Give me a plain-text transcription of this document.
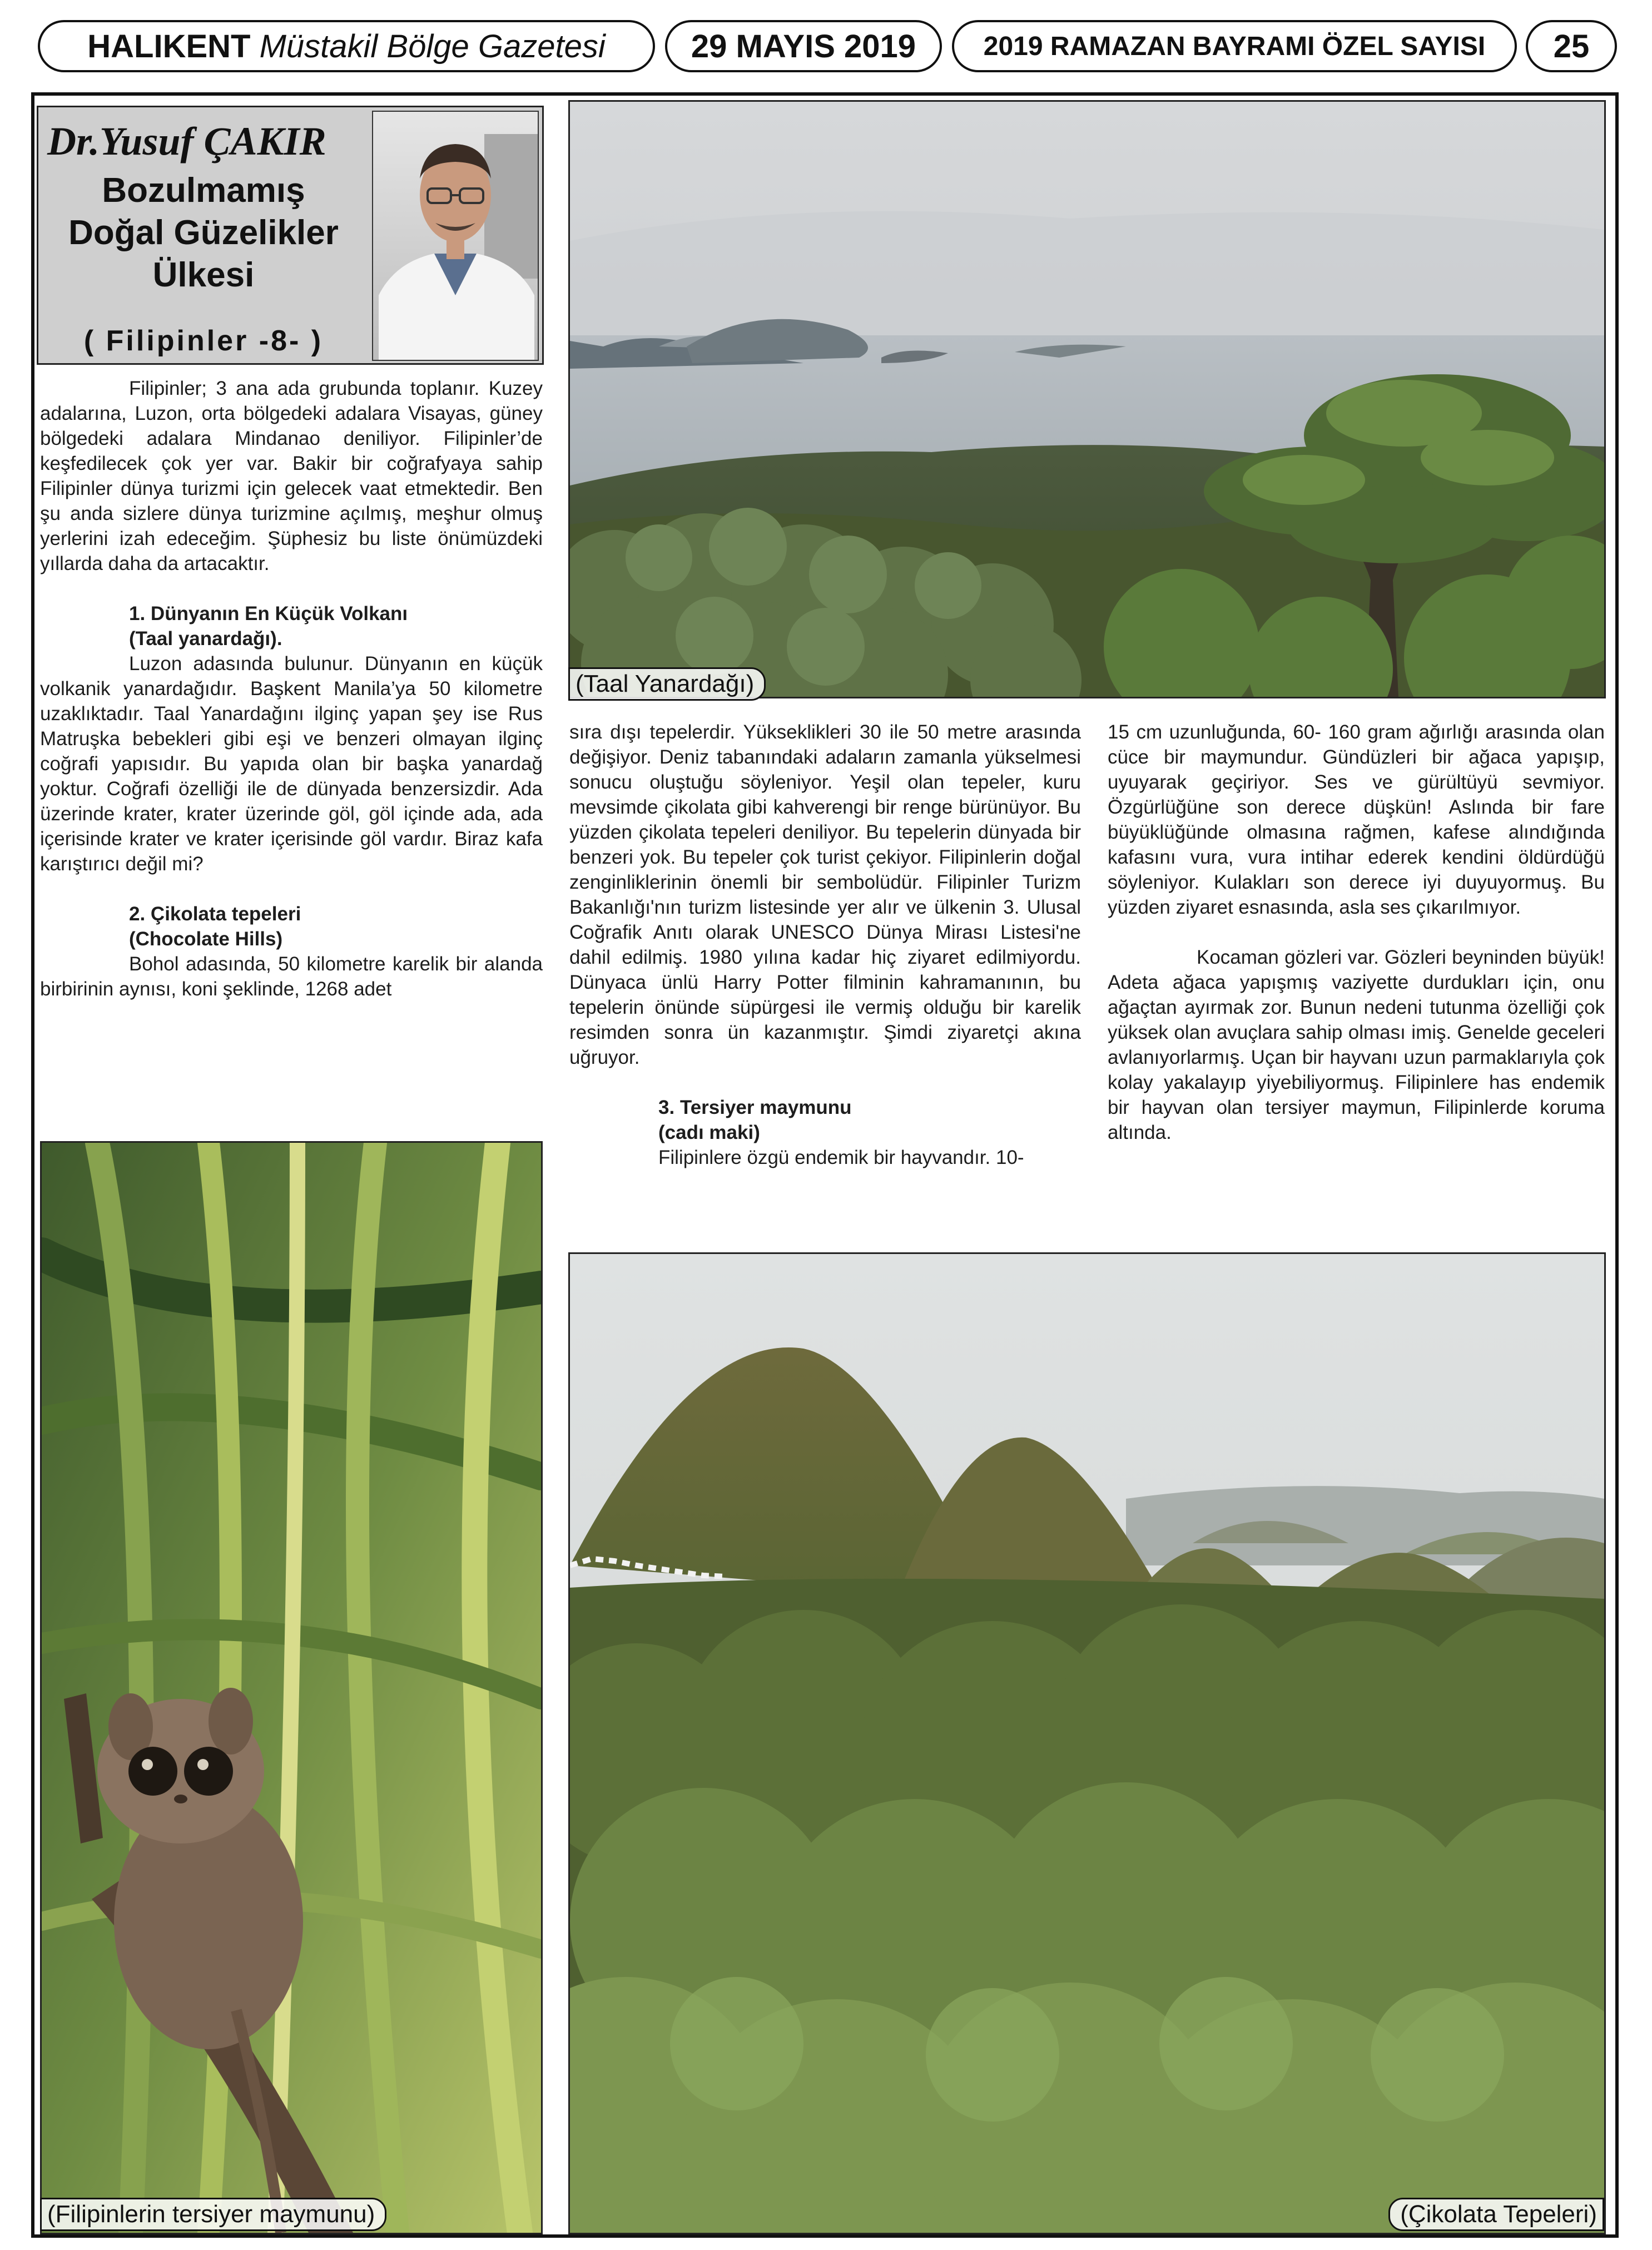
HALIKENT
Müstakil Bölge Gazetesi	29 MAYIS 2019	2019 RAMAZAN BAYRAMI ÖZEL SAYISI 25
Dr.Yusuf ÇAKIR
Bozulmamış
Doğal Güzelikler
Ülkesi
( Filipinler -8- )

Filipinler; 3 ana ada grubunda toplanır. Kuzey adalarına, Luzon, orta bölgedeki adalara Visayas, güney bölgedeki adalara Mindanao deniliyor. Filipinler’de keşfedilecek çok yer var. Bakir bir coğrafyaya sahip Filipinler dünya turizmi için gelecek vaat etmektedir. Ben şu anda sizlere dünya turizmine açılmış, meşhur olmuş yerlerini izah edeceğim. Şüphesiz bu liste önümüzdeki yıllarda daha da artacaktır.

1. Dünyanın En Küçük Volkanı

(Taal yanardağı).

Luzon adasında bulunur. Dünyanın en küçük volkanik yanardağıdır. Başkent Manila’ya 50 kilometre uzaklıktadır. Taal Yanardağını ilginç yapan şey ise Rus Matruşka bebekleri gibi eşi ve benzeri olmayan ilginç coğrafi yapısıdır. Bu yapıda olan bir başka yanardağ yoktur. Coğrafi özelliği ile de dünyada benzersizdir. Ada üzerinde krater, krater üzerinde göl, göl içinde ada, ada içerisinde krater ve krater içerisinde göl vardır. Biraz kafa karıştırıcı değil mi?

2. Çikolata tepeleri

(Chocolate Hills)

Bohol adasında, 50 kilometre karelik bir alanda birbirinin aynısı, koni şeklinde, 1268 adet

sıra dışı tepelerdir. Yükseklikleri 30 ile 50 metre arasında değişiyor. Deniz tabanındaki adaların zamanla yükselmesi sonucu oluştuğu söyleniyor. Yeşil olan tepeler, kuru mevsimde çikolata gibi kahverengi bir renge bürünüyor. Bu yüzden çikolata tepeleri deniliyor. Bu tepelerin dünyada bir benzeri yok. Bu tepeler çok turist çekiyor. Filipinlerin doğal zenginliklerinin önemli bir sembolüdür. Filipinler Turizm Bakanlığı'nın turizm listesinde yer alır ve ülkenin 3. Ulusal Coğrafik Anıtı olarak UNESCO Dünya Mirası Listesi'ne dahil edilmiş. 1980 yılına kadar hiç ziyaret edilmiyordu. Dünyaca ünlü Harry Potter filminin kahramanının, bu tepelerin önünde süpürgesi ile vermiş olduğu bir karelik resimden sonra ün kazanmıştır. Şimdi ziyaretçi akına uğruyor.

3. Tersiyer maymunu

(cadı maki)

Filipinlere özgü endemik bir hayvandır. 10-

15 cm uzunluğunda, 60- 160 gram ağırlığı arasında olan cüce bir maymundur. Gündüzleri bir ağaca yapışıp, uyuyarak geçiriyor. Ses ve gürültüyü sevmiyor. Özgürlüğüne son derece düşkün! Aslında bir fare büyüklüğünde olmasına rağmen, kafese alındığında kafasını vura, vura intihar ederek kendini öldürdüğü söyleniyor. Kulakları son derece iyi duyuyormuş. Bu yüzden ziyaret esnasında, asla ses çıkarılmıyor.

Kocaman gözleri var. Gözleri beyninden büyük! Adeta ağaca yapışmış vaziyette durdukları için, onu ağaçtan ayırmak zor. Bunun nedeni tutunma özelliği çok yüksek olan avuçlara sahip olması imiş. Genelde geceleri avlanıyorlarmış. Uçan bir hayvanı uzun parmaklarıyla çok kolay yakalayıp yiyebiliyormuş. Filipinlere has endemik bir hayvan olan tersiyer maymun, Filipinlerde koruma altında.

(Taal Yanardağı)
(Filipinlerin tersiyer maymunu)	(Çikolata Tepeleri)
